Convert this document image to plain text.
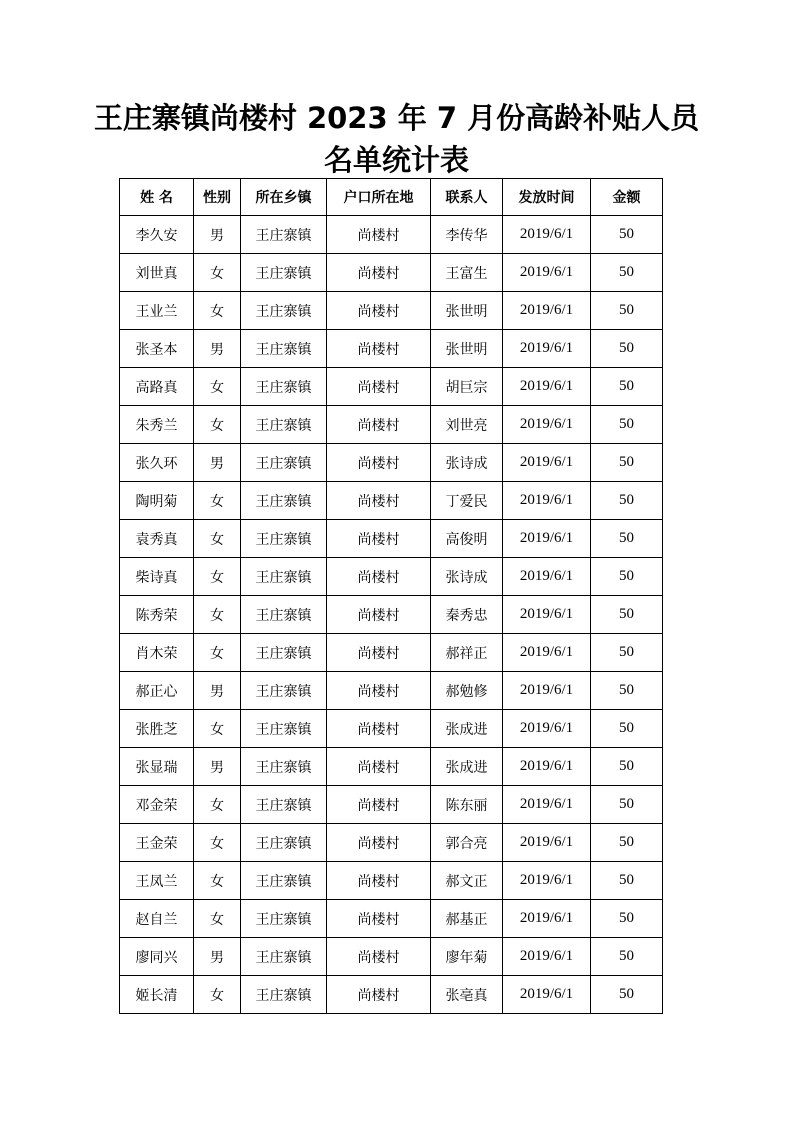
王庄寨镇尚楼村 2023 年 7 月份高龄补贴人员
名单统计表
姓 名	性别	所在乡镇	户口所在地	联系人	发放时间	金额
李久安	男	王庄寨镇	尚楼村	李传华	2019/6/1	50
刘世真	女	王庄寨镇	尚楼村	王富生	2019/6/1	50
王业兰	女	王庄寨镇	尚楼村	张世明	2019/6/1	50
张圣本	男	王庄寨镇	尚楼村	张世明	2019/6/1	50
高路真	女	王庄寨镇	尚楼村	胡巨宗	2019/6/1	50
朱秀兰	女	王庄寨镇	尚楼村	刘世亮	2019/6/1	50
张久环	男	王庄寨镇	尚楼村	张诗成	2019/6/1	50
陶明菊	女	王庄寨镇	尚楼村	丁爱民	2019/6/1	50
袁秀真	女	王庄寨镇	尚楼村	高俊明	2019/6/1	50
柴诗真	女	王庄寨镇	尚楼村	张诗成	2019/6/1	50
陈秀荣	女	王庄寨镇	尚楼村	秦秀忠	2019/6/1	50
肖木荣	女	王庄寨镇	尚楼村	郝祥正	2019/6/1	50
郝正心	男	王庄寨镇	尚楼村	郝勉修	2019/6/1	50
张胜芝	女	王庄寨镇	尚楼村	张成进	2019/6/1	50
张显瑞	男	王庄寨镇	尚楼村	张成进	2019/6/1	50
邓金荣	女	王庄寨镇	尚楼村	陈东丽	2019/6/1	50
王金荣	女	王庄寨镇	尚楼村	郭合亮	2019/6/1	50
王凤兰	女	王庄寨镇	尚楼村	郝文正	2019/6/1	50
赵自兰	女	王庄寨镇	尚楼村	郝基正	2019/6/1	50
廖同兴	男	王庄寨镇	尚楼村	廖年菊	2019/6/1	50
姬长清	女	王庄寨镇	尚楼村	张亳真	2019/6/1	50
